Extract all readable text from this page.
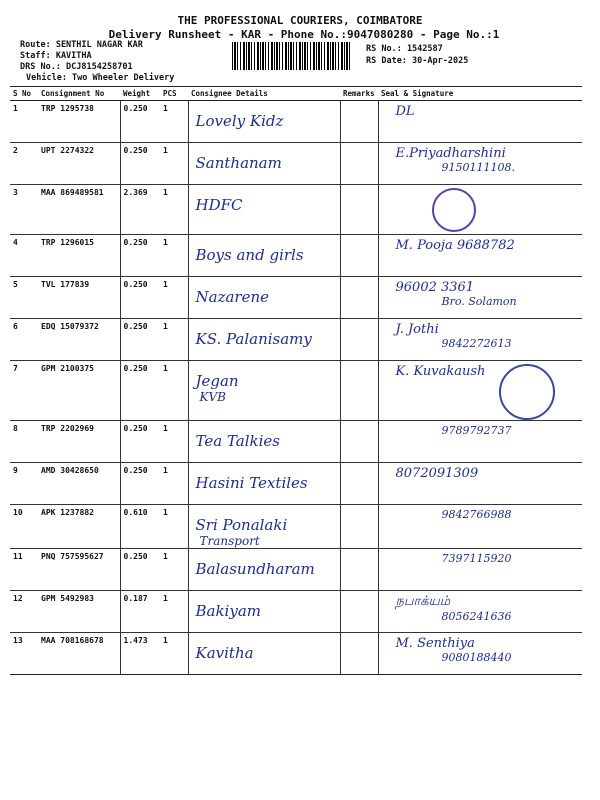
THE PROFESSIONAL COURIERS, COIMBATORE
Delivery Runsheet - KAR - Phone No.:9047080280 - Page No.:1
Route: SENTHIL NAGAR KAR
Staff: KAVITHA
DRS No.: DCJ8154258701
Vehicle: Two Wheeler Delivery
RS No.: 1542587
RS Date: 30-Apr-2025
S No	Consignment No	Weight	PCS	Consignee Details	Remarks	Seal & Signature
1	TRP 1295738	0.250	1	Lovely Kidz		DL

2	UPT 2274322	0.250	1	Santhanam		E.Priyadharshini
9150111108.

3	MAA 869489581	2.369	1	HDFC		

4	TRP 1296015	0.250	1	Boys and girls		M. Pooja 9688782

5	TVL 177839	0.250	1	Nazarene		96002 3361
Bro. Solamon

6	EDQ 15079372	0.250	1	KS. Palanisamy		J. Jothi
9842272613

7	GPM 2100375	0.250	1	Jegan
KVB		K. Kuvakaush

8	TRP 2202969	0.250	1	Tea Talkies		9789792737

9	AMD 30428650	0.250	1	Hasini Textiles		8072091309

10	APK 1237882	0.610	1	Sri Ponalaki
Transport		9842766988

11	PNQ 757595627	0.250	1	Balasundharam		7397115920

12	GPM 5492983	0.187	1	Bakiyam		நபாக்யம்
8056241636

13	MAA 708168678	1.473	1	Kavitha		M. Senthiya
9080188440
